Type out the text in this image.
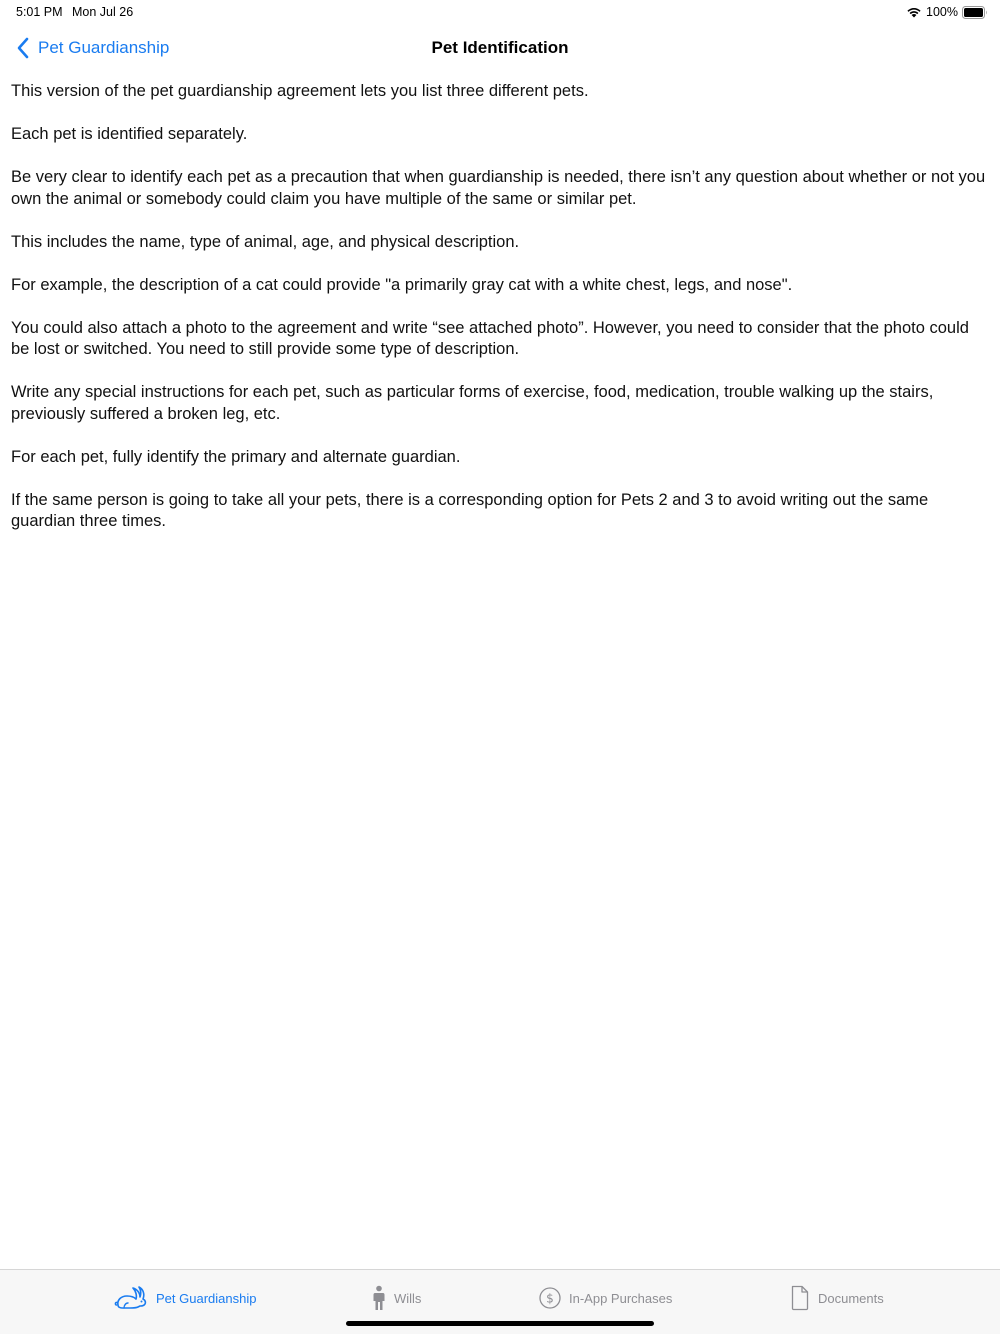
5:01 PM Mon Jul 26	100%
Pet Guardianship	Pet Identification

This version of the pet guardianship agreement lets you list three different pets.

Each pet is identified separately.

Be very clear to identify each pet as a precaution that when guardianship is needed, there isn’t any question about whether or not you own the animal or somebody could claim you have multiple of the same or similar pet.

This includes the name, type of animal, age, and physical description.

For example, the description of a cat could provide "a primarily gray cat with a white chest, legs, and nose".

You could also attach a photo to the agreement and write “see attached photo”. However, you need to consider that the photo could be lost or switched. You need to still provide some type of description.

Write any special instructions for each pet, such as particular forms of exercise, food, medication, trouble walking up the stairs, previously suffered a broken leg, etc.

For each pet, fully identify the primary and alternate guardian.

If the same person is going to take all your pets, there is a corresponding option for Pets 2 and 3 to avoid writing out the same guardian three times.

Pet Guardianship	Wills	$ In-App Purchases	Documents
